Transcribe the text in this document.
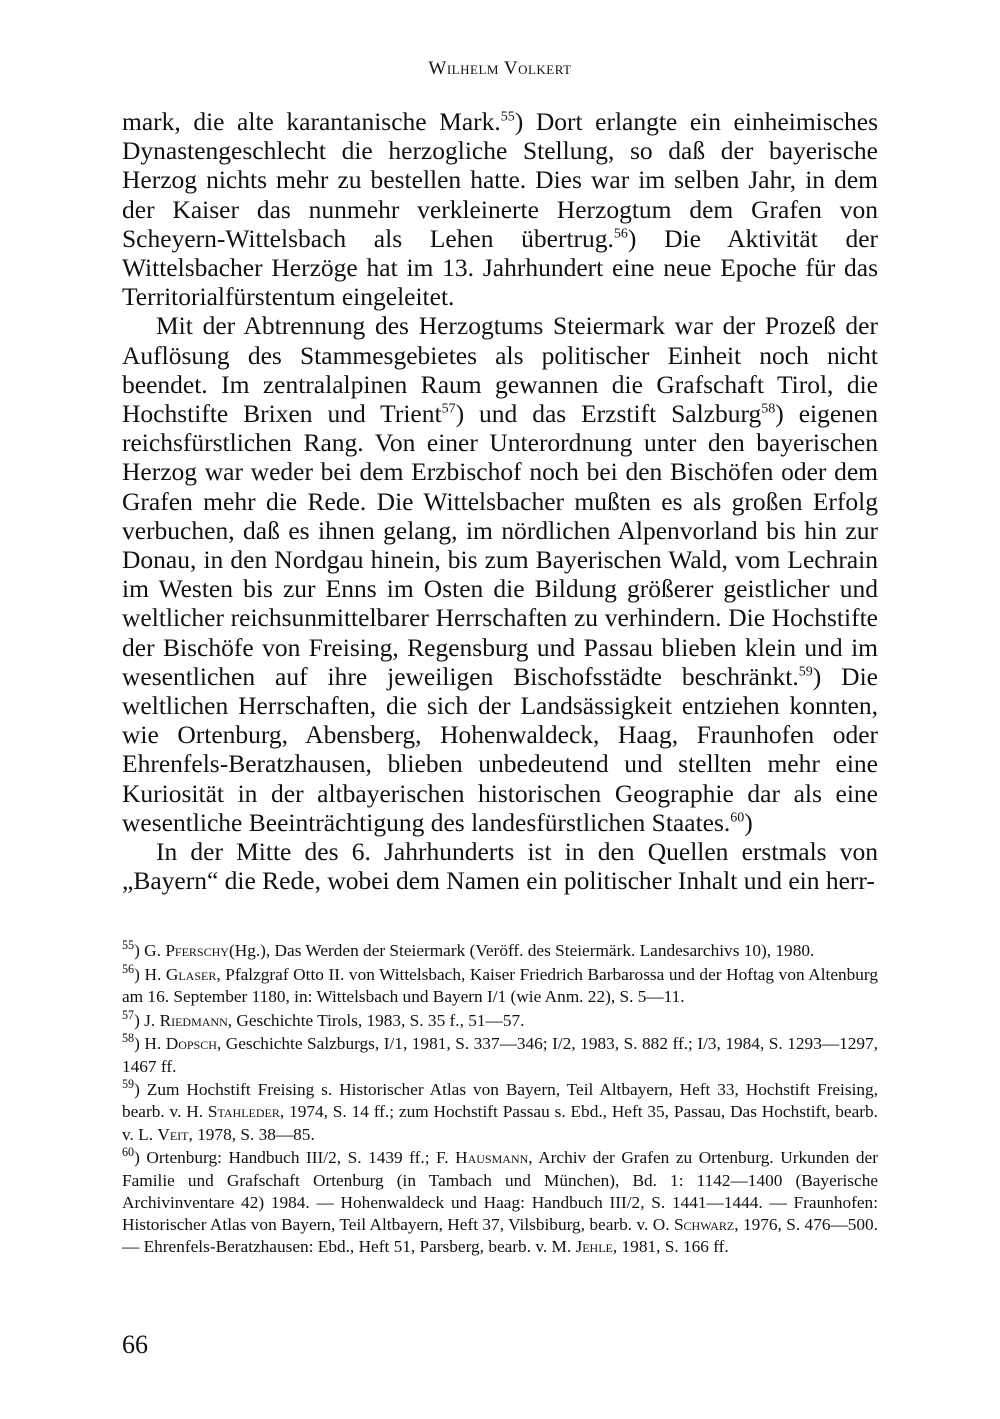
Wilhelm Volkert

mark, die alte karantanische Mark.$^{55}$) Dort erlangte ein einheimisches Dynastengeschlecht die herzogliche Stellung, so daß der bayerische Herzog nichts mehr zu bestellen hatte. Dies war im selben Jahr, in dem der Kaiser das nunmehr verkleinerte Herzogtum dem Grafen von Scheyern-Wittelsbach als Lehen übertrug.$^{56}$) Die Aktivität der Wittelsbacher Herzöge hat im 13. Jahrhundert eine neue Epoche für das Territorialfürstentum eingeleitet.

Mit der Abtrennung des Herzogtums Steiermark war der Prozeß der Auflösung des Stammesgebietes als politischer Einheit noch nicht beendet. Im zentralalpinen Raum gewannen die Grafschaft Tirol, die Hochstifte Brixen und Trient$^{57}$) und das Erzstift Salzburg$^{58}$) eigenen reichsfürstlichen Rang. Von einer Unterordnung unter den bayerischen Herzog war weder bei dem Erzbischof noch bei den Bischöfen oder dem Grafen mehr die Rede. Die Wittelsbacher mußten es als großen Erfolg verbuchen, daß es ihnen gelang, im nördlichen Alpenvorland bis hin zur Donau, in den Nordgau hinein, bis zum Bayerischen Wald, vom Lechrain im Westen bis zur Enns im Osten die Bildung größerer geistlicher und weltlicher reichsunmittelbarer Herrschaften zu verhindern. Die Hochstifte der Bischöfe von Freising, Regensburg und Passau blieben klein und im wesentlichen auf ihre jeweiligen Bischofsstädte beschränkt.$^{59}$) Die weltlichen Herrschaften, die sich der Landsässigkeit entziehen konnten, wie Ortenburg, Abensberg, Hohenwaldeck, Haag, Fraunhofen oder Ehrenfels-Beratzhausen, blieben unbedeutend und stellten mehr eine Kuriosität in der altbayerischen historischen Geographie dar als eine wesentliche Beeinträchtigung des landesfürstlichen Staates.$^{60}$)

In der Mitte des 6. Jahrhunderts ist in den Quellen erstmals von „Bayern“ die Rede, wobei dem Namen ein politischer Inhalt und ein herr-

$^{55}$) G. Pferschy(Hg.), Das Werden der Steiermark (Veröff. des Steiermärk. Landesarchivs 10), 1980.
$^{56}$) H. Glaser, Pfalzgraf Otto II. von Wittelsbach, Kaiser Friedrich Barbarossa und der Hoftag von Altenburg am 16. September 1180, in: Wittelsbach und Bayern I/1 (wie Anm. 22), S. 5—11.
$^{57}$) J. Riedmann, Geschichte Tirols, 1983, S. 35 f., 51—57.
$^{58}$) H. Dopsch, Geschichte Salzburgs, I/1, 1981, S. 337—346; I/2, 1983, S. 882 ff.; I/3, 1984, S. 1293—1297, 1467 ff.
$^{59}$) Zum Hochstift Freising s. Historischer Atlas von Bayern, Teil Altbayern, Heft 33, Hochstift Freising, bearb. v. H. Stahleder, 1974, S. 14 ff.; zum Hochstift Passau s. Ebd., Heft 35, Passau, Das Hochstift, bearb. v. L. Veit, 1978, S. 38—85.
$^{60}$) Ortenburg: Handbuch III/2, S. 1439 ff.; F. Hausmann, Archiv der Grafen zu Ortenburg. Urkunden der Familie und Grafschaft Ortenburg (in Tambach und München), Bd. 1: 1142—1400 (Bayerische Archivinventare 42) 1984. — Hohenwaldeck und Haag: Handbuch III/2, S. 1441—1444. — Fraunhofen: Historischer Atlas von Bayern, Teil Altbayern, Heft 37, Vilsbiburg, bearb. v. O. Schwarz, 1976, S. 476—500. — Ehrenfels-Beratzhausen: Ebd., Heft 51, Parsberg, bearb. v. M. Jehle, 1981, S. 166 ff.
66
